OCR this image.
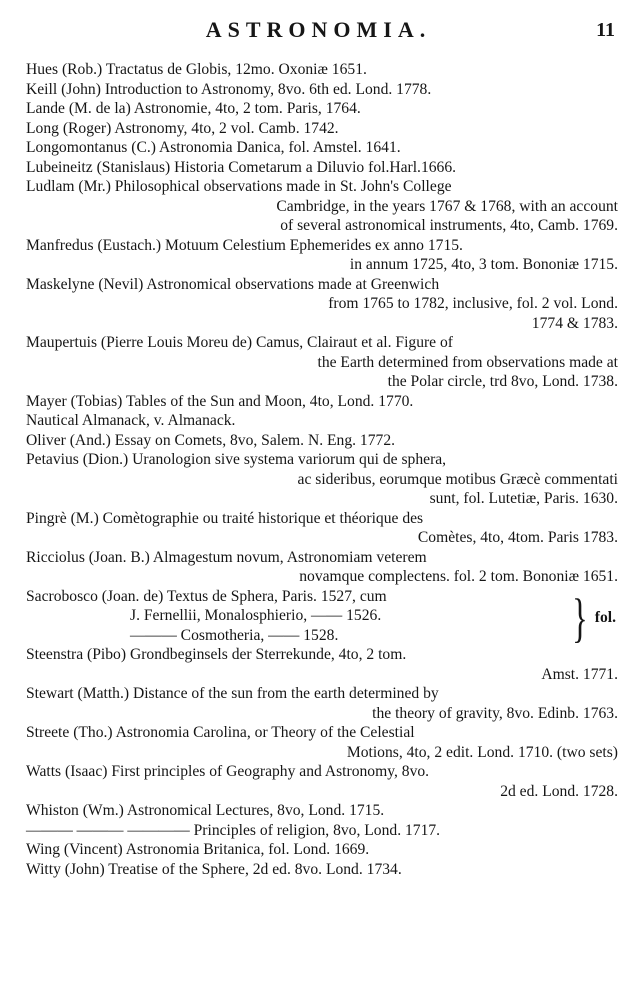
ASTRONOMIA.	11
Hues (Rob.) Tractatus de Globis, 12mo. Oxoniæ 1651.
Keill (John) Introduction to Astronomy, 8vo. 6th ed. Lond. 1778.
Lande (M. de la) Astronomie, 4to, 2 tom. Paris, 1764.
Long (Roger) Astronomy, 4to, 2 vol. Camb. 1742.
Longomontanus (C.) Astronomia Danica, fol. Amstel. 1641.
Lubeineitz (Stanislaus) Historia Cometarum a Diluvio fol.Harl.1666.
Ludlam (Mr.) Philosophical observations made in St. John's College
Cambridge, in the years 1767 & 1768, with an account
of several astronomical instruments, 4to, Camb. 1769.
Manfredus (Eustach.) Motuum Celestium Ephemerides ex anno 1715.
in annum 1725, 4to, 3 tom. Bononiæ 1715.
Maskelyne (Nevil) Astronomical observations made at Greenwich
from 1765 to 1782, inclusive, fol. 2 vol. Lond.
1774 & 1783.
Maupertuis (Pierre Louis Moreu de) Camus, Clairaut et al. Figure of
the Earth determined from observations made at
the Polar circle, trd 8vo, Lond. 1738.
Mayer (Tobias) Tables of the Sun and Moon, 4to, Lond. 1770.
Nautical Almanack, v. Almanack.
Oliver (And.) Essay on Comets, 8vo, Salem. N. Eng. 1772.
Petavius (Dion.) Uranologion sive systema variorum qui de sphera,
ac sideribus, eorumque motibus Græcè commentati
sunt, fol. Lutetiæ, Paris. 1630.
Pingrè (M.) Comètographie ou traité historique et théorique des
Comètes, 4to, 4tom. Paris 1783.
Ricciolus (Joan. B.) Almagestum novum, Astronomiam veterem
novamque complectens. fol. 2 tom. Bononiæ 1651.
Sacrobosco (Joan. de) Textus de Sphera, Paris. 1527, cum
J. Fernellii, Monalosphierio, —— 1526.
——— Cosmotheria, —— 1528.	} fol.
Steenstra (Pibo) Grondbeginsels der Sterrekunde, 4to, 2 tom.
Amst. 1771.
Stewart (Matth.) Distance of the sun from the earth determined by
the theory of gravity, 8vo. Edinb. 1763.
Streete (Tho.) Astronomia Carolina, or Theory of the Celestial
Motions, 4to, 2 edit. Lond. 1710. (two sets)
Watts (Isaac) First principles of Geography and Astronomy, 8vo.
2d ed. Lond. 1728.
Whiston (Wm.) Astronomical Lectures, 8vo, Lond. 1715.
——— ——— ———— Principles of religion, 8vo, Lond. 1717.
Wing (Vincent) Astronomia Britanica, fol. Lond. 1669.
Witty (John) Treatise of the Sphere, 2d ed. 8vo. Lond. 1734.
